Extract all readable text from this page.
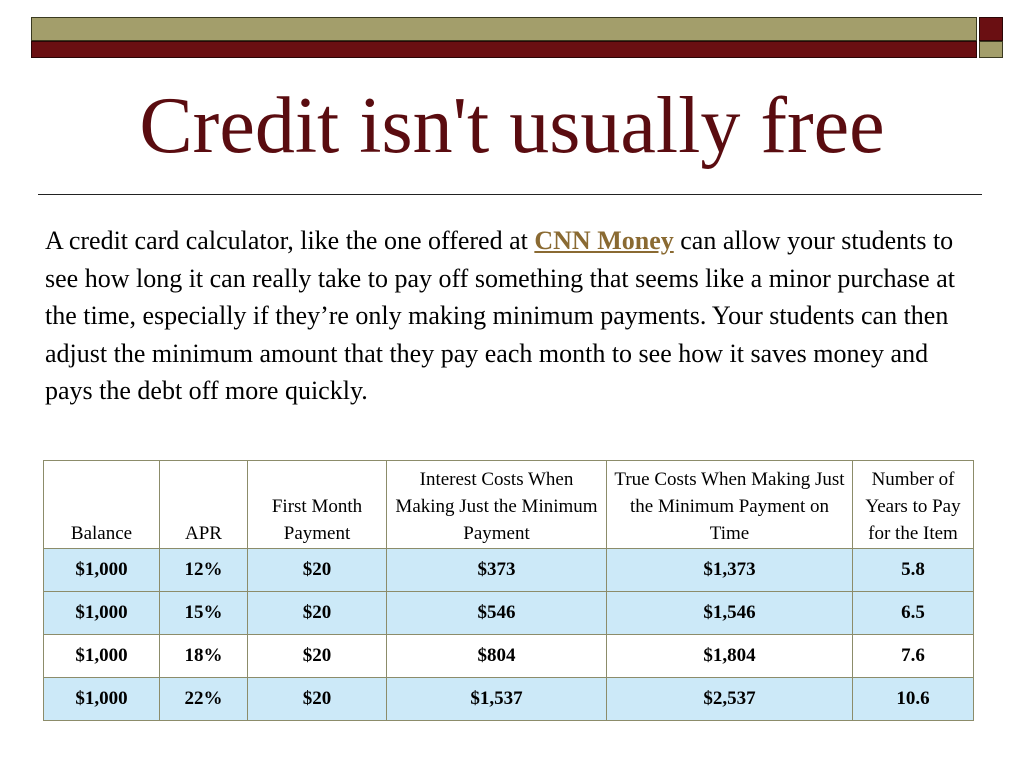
Credit isn't usually free

A credit card calculator, like the one offered at CNN Money can allow your students to see how long it can really take to pay off something that seems like a minor purchase at the time, especially if they’re only making minimum payments. Your students can then adjust the minimum amount that they pay each month to see how it saves money and pays the debt off more quickly.

Balance	APR	First Month Payment	Interest Costs When Making Just the Minimum Payment	True Costs When Making Just the Minimum Payment on Time	Number of Years to Pay for the Item
$1,000	12%	$20	$373	$1,373	5.8
$1,000	15%	$20	$546	$1,546	6.5
$1,000	18%	$20	$804	$1,804	7.6
$1,000	22%	$20	$1,537	$2,537	10.6
